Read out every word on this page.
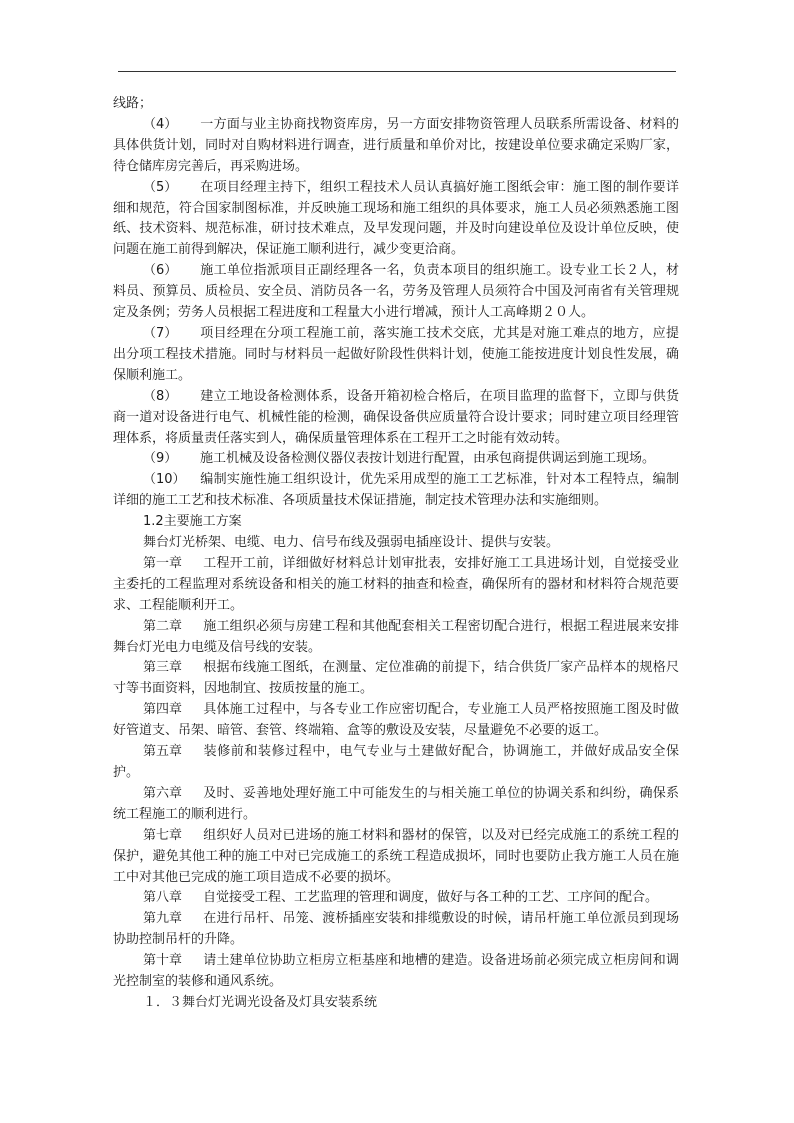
线路；

（4） 一方面与业主协商找物资库房，另一方面安排物资管理人员联系所需设备、材料的具体供货计划，同时对自购材料进行调查，进行质量和单价对比，按建设单位要求确定采购厂家，待仓储库房完善后，再采购进场。

（5） 在项目经理主持下，组织工程技术人员认真搞好施工图纸会审：施工图的制作要详细和规范，符合国家制图标准，并反映施工现场和施工组织的具体要求，施工人员必须熟悉施工图纸、技术资料、规范标准，研讨技术难点，及早发现问题，并及时向建设单位及设计单位反映，使问题在施工前得到解决，保证施工顺利进行，减少变更洽商。

（6） 施工单位指派项目正副经理各一名，负责本项目的组织施工。设专业工长２人，材料员、预算员、质检员、安全员、消防员各一名，劳务及管理人员须符合中国及河南省有关管理规定及条例；劳务人员根据工程进度和工程量大小进行增减，预计人工高峰期２０人。

（7） 项目经理在分项工程施工前，落实施工技术交底，尤其是对施工难点的地方，应提出分项工程技术措施。同时与材料员一起做好阶段性供料计划，使施工能按进度计划良性发展，确保顺利施工。

（8） 建立工地设备检测体系，设备开箱初检合格后，在项目监理的监督下，立即与供货商一道对设备进行电气、机械性能的检测，确保设备供应质量符合设计要求；同时建立项目经理管理体系，将质量责任落实到人，确保质量管理体系在工程开工之时能有效动转。

（9） 施工机械及设备检测仪器仪表按计划进行配置，由承包商提供调运到施工现场。

（10） 编制实施性施工组织设计，优先采用成型的施工工艺标准，针对本工程特点，编制详细的施工工艺和技术标准、各项质量技术保证措施，制定技术管理办法和实施细则。

1.2主要施工方案

舞台灯光桥架、电缆、电力、信号布线及强弱电插座设计、提供与安装。

第一章 工程开工前，详细做好材料总计划审批表，安排好施工工具进场计划，自觉接受业主委托的工程监理对系统设备和相关的施工材料的抽查和检查，确保所有的器材和材料符合规范要求、工程能顺利开工。

第二章 施工组织必须与房建工程和其他配套相关工程密切配合进行，根据工程进展来安排舞台灯光电力电缆及信号线的安装。

第三章 根据布线施工图纸，在测量、定位准确的前提下，结合供货厂家产品样本的规格尺寸等书面资料，因地制宜、按质按量的施工。

第四章 具体施工过程中，与各专业工作应密切配合，专业施工人员严格按照施工图及时做好管道支、吊架、暗管、套管、终端箱、盒等的敷设及安装，尽量避免不必要的返工。

第五章 装修前和装修过程中，电气专业与土建做好配合，协调施工，并做好成品安全保护。

第六章 及时、妥善地处理好施工中可能发生的与相关施工单位的协调关系和纠纷，确保系统工程施工的顺利进行。

第七章 组织好人员对已进场的施工材料和器材的保管，以及对已经完成施工的系统工程的保护，避免其他工种的施工中对已完成施工的系统工程造成损坏，同时也要防止我方施工人员在施工中对其他已完成的施工项目造成不必要的损坏。

第八章 自觉接受工程、工艺监理的管理和调度，做好与各工种的工艺、工序间的配合。

第九章 在进行吊杆、吊笼、渡桥插座安装和排缆敷设的时候，请吊杆施工单位派员到现场协助控制吊杆的升降。

第十章 请土建单位协助立柜房立柜基座和地槽的建造。设备进场前必须完成立柜房间和调光控制室的装修和通风系统。

１．３舞台灯光调光设备及灯具安装系统
